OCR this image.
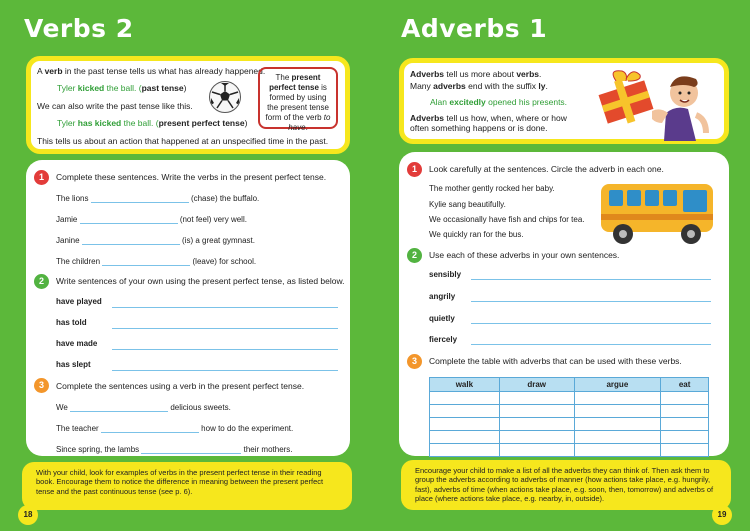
Verbs 2

A verb in the past tense tells us what has already happened.

Tyler kicked the ball. (past tense)

We can also write the past tense like this.

Tyler has kicked the ball. (present perfect tense)

This tells us about an action that happened at an unspecified time in the past.

The present perfect tense is formed by using the present tense form of the verb to have.
1	Complete these sentences. Write the verbs in the present perfect tense.
The lions	(chase) the buffalo.
Jamie	(not feel) very well.
Janine	(is) a great gymnast.
The children	(leave) for school.
2	Write sentences of your own using the present perfect tense, as listed below.
have played
has told
have made
has slept
3	Complete the sentences using a verb in the present perfect tense.
We	delicious sweets.
The teacher	how to do the experiment.
Since spring, the lambs	their mothers.
With your child, look for examples of verbs in the present perfect tense in their reading book. Encourage them to notice the difference in meaning between the present perfect tense and the past continuous tense (see p. 6).
18
Adverbs 1

Adverbs tell us more about verbs.

Many adverbs end with the suffix ly.

Alan excitedly opened his presents.

Adverbs tell us how, when, where or how often something happens or is done.

1	Look carefully at the sentences. Circle the adverb in each one.
The mother gently rocked her baby.
Kylie sang beautifully.
We occasionally have fish and chips for tea.
We quickly ran for the bus.
2	Use each of these adverbs in your own sentences.
sensibly
angrily
quietly
fiercely
3	Complete the table with adverbs that can be used with these verbs.
walk	draw	argue	eat

Encourage your child to make a list of all the adverbs they can think of. Then ask them to group the adverbs according to adverbs of manner (how actions take place, e.g. hungrily, fast), adverbs of time (when actions take place, e.g. soon, then, tomorrow) and adverbs of place (where actions take place, e.g. nearby, in, outside).
19
